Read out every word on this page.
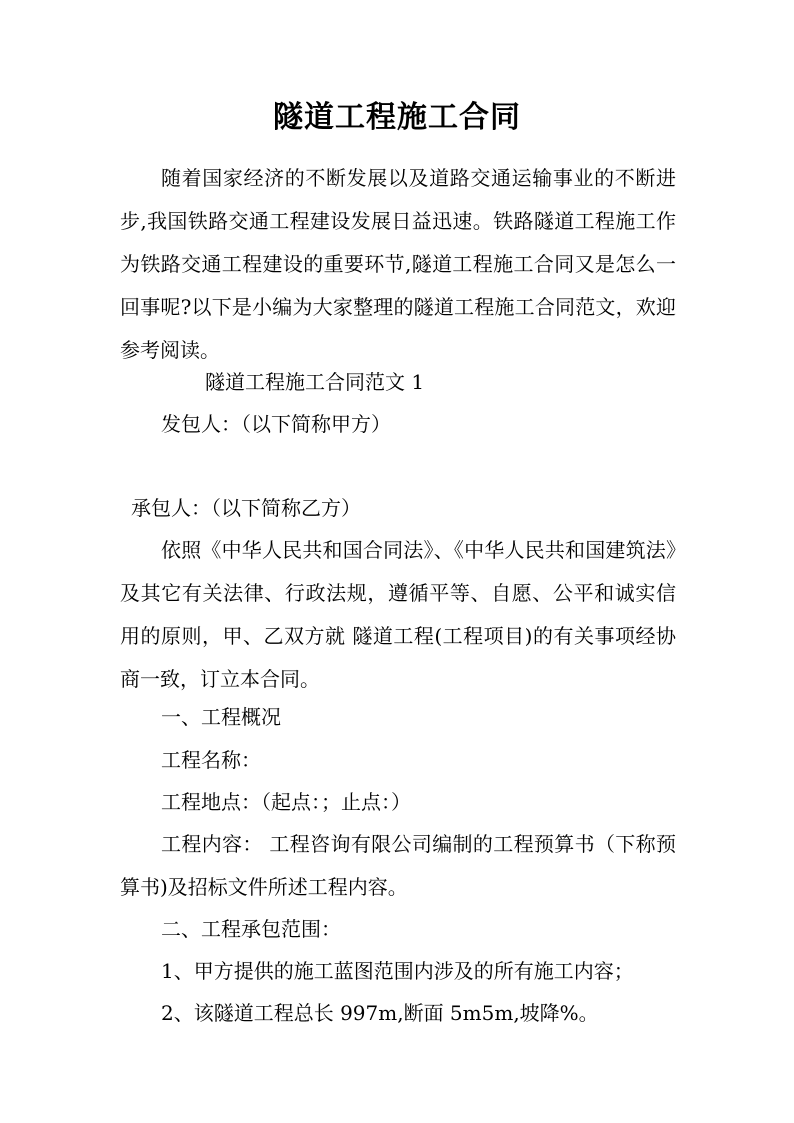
隧道工程施工合同
随着国家经济的不断发展以及道路交通运输事业的不断进步,我国铁路交通工程建设发展日益迅速。铁路隧道工程施工作为铁路交通工程建设的重要环节,隧道工程施工合同又是怎么一回事呢?以下是小编为大家整理的隧道工程施工合同范文，欢迎参考阅读。
隧道工程施工合同范文 1
发包人：（以下简称甲方）
承包人：（以下简称乙方）
依照《中华人民共和国合同法》、《中华人民共和国建筑法》及其它有关法律、行政法规，遵循平等、自愿、公平和诚实信用的原则，甲、乙双方就 隧道工程(工程项目)的有关事项经协商一致，订立本合同。
一、工程概况
工程名称：
工程地点：（起点：；止点：）
工程内容： 工程咨询有限公司编制的工程预算书（下称预算书)及招标文件所述工程内容。
二、工程承包范围：
1、甲方提供的施工蓝图范围内涉及的所有施工内容；
2、该隧道工程总长 997m,断面 5m5m,坡降%。
